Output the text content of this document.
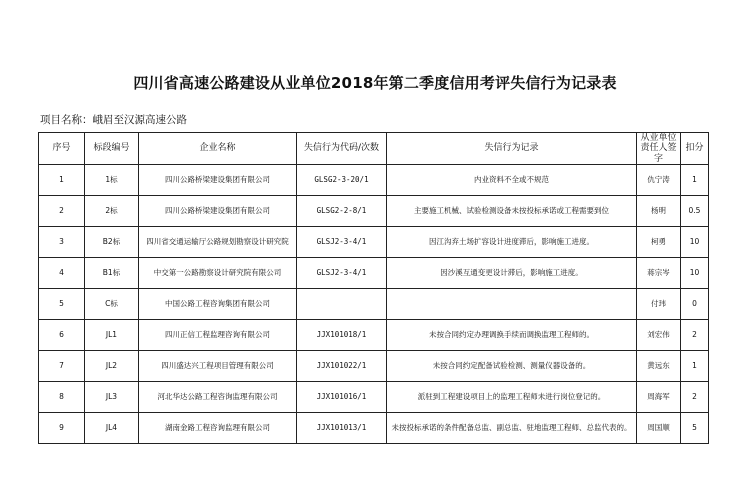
四川省高速公路建设从业单位2018年第二季度信用考评失信行为记录表
项目名称：峨眉至汉源高速公路
序号	标段编号	企业名称	失信行为代码/次数	失信行为记录	从业单位责任人签字	扣分
1	1标	四川公路桥梁建设集团有限公司	GLSG2-3-20/1	内业资料不全或不规范	仇宁涛	1
2	2标	四川公路桥梁建设集团有限公司	GLSG2-2-8/1	主要施工机械、试验检测设备未按投标承诺或工程需要到位	杨明	0.5
3	B2标	四川省交通运输厅公路规划勘察设计研究院	GLSJ2-3-4/1	因江沟弃土场扩容设计进度滞后，影响施工进度。	柯勇	10
4	B1标	中交第一公路勘察设计研究院有限公司	GLSJ2-3-4/1	因沙溪互通变更设计滞后，影响施工进度。	蒋宗岑	10
5	C标	中国公路工程咨询集团有限公司			付玮	0
6	JL1	四川正信工程监理咨询有限公司	JJX101018/1	未按合同约定办理调换手续而调换监理工程师的。	刘宏伟	2
7	JL2	四川盛达兴工程项目管理有限公司	JJX101022/1	未按合同约定配备试验检测、测量仪器设备的。	黄远东	1
8	JL3	河北华达公路工程咨询监理有限公司	JJX101016/1	派驻到工程建设项目上的监理工程师未进行岗位登记的。	周海军	2
9	JL4	湖南金路工程咨询监理有限公司	JJX101013/1	未按投标承诺的条件配备总监、副总监、驻地监理工程师、总监代表的。	周国顺	5
